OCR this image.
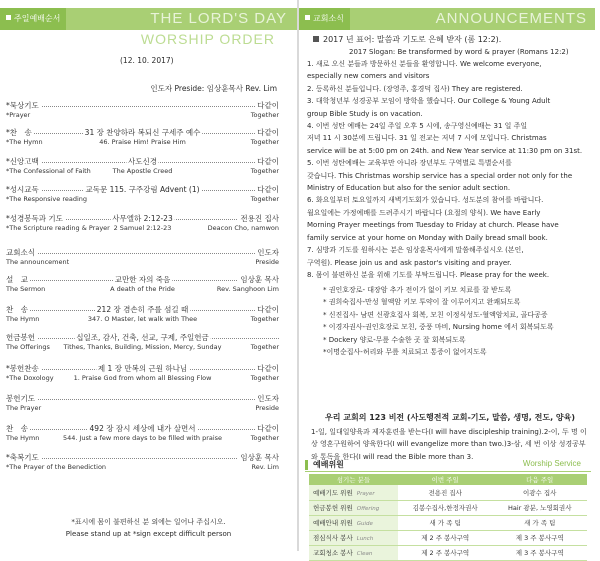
주일예배순서	THE LORD'S DAY
WORSHIP ORDER
(12. 10. 2017)
인도자 Preside: 임상훈목사 Rev. Lim
*묵상기도	다같이
*Prayer	Together
*찬　송	31 장 찬양하라 복되신 구세주 예수	다같이
*The Hymn	46. Praise Him! Praise Him	Together
*신앙고백	사도신경	다같이
*The Confessional of Faith	The Apostle Creed	Together
*성시교독	교독문 115. 구주강림 Advent (1)	다같이
*The Responsive reading	Together
*성경봉독과 기도	사무엘하 2:12-23	전용진 집사
*The Scripture reading & Prayer 2 Samuel 2:12-23	Deacon Cho, namwon
교회소식	인도자
The announcement	Preside
설　교	교만한 자의 죽음	임상훈 목사
The Sermon	A death of the Pride	Rev. Sanghoon Lim
찬　송	212 장 겸손히 주를 섬길 때	다같이
The Hymn	347. O Master, let walk with Thee	Together
헌금봉헌	십일조, 감사, 건축, 선교, 구제, 주일헌금
The Offerings Tithes, Thanks, Building, Mission, Mercy, Sunday	Together
*봉헌찬송	제 1 장 만복의 근원 하나님	다같이
*The Doxology	1. Praise God from whom all Blessing Flow	Together
봉헌기도	인도자
The Prayer	Preside
찬　송	492 장 잠시 세상에 내가 살면서	다같이
The Hymn	544. Just a few more days to be filled with praise	Together
*축복기도	임상훈 목사
*The Prayer of the Benediction	Rev. Lim
*표시에 몸이 불편하신 분 외에는 일어나 주십시오.
Please stand up at *sign except difficult person
교회소식	ANNOUNCEMENTS
2017 년 표어: 말씀과 기도로 은혜 받자 (롬 12:2).
2017 Slogan: Be transformed by word & prayer (Romans 12:2)
1. 새로 오신 분들과 방문하신 분들을 환영합니다. We welcome everyone,
especially new comers and visitors
2. 등록하신 분들입니다. (장영주, 홍경덕 집사) They are registered.
3. 대학청년부 성경공부 모임이 방학을 했습니다. Our College & Young Adult
group Bible Study is on vacation.
4. 이번 성탄 예배는 24일 주일 오후 5 시에, 송구영신예배는 31 일 주일
저녁 11 시 30분에 드립니다. 31 일 전교는 저녁 7 시에 모입니다. Christmas
service will be at 5:00 pm on 24th. and New Year service at 11:30 pm on 31st.
5. 이번 성탄예배는 교육부만 아니라 장년부도 구역별로 특별순서를
갖습니다. This Christmas worship service has a special order not only for the
Ministry of Education but also for the senior adult section.
6. 화요일부터 토요일까지 새벽기도회가 있습니다. 성도분의 참여를 바랍니다.
월요일에는 가정예배를 드려주시기 바랍니다 (요절의 양식). We have Early
Morning Prayer meetings from Tuesday to Friday at church. Please have
family service at your home on Monday with Daily bread small book.
7. 심방과 기도를 원하시는 분은 임상훈목사에게 말씀해주십시오 (본인,
구역원). Please join us and ask pastor's visiting and prayer.
8. 몸이 불편하신 분을 위해 기도를 부탁드립니다. Please pray for the week.
* 권인호장로- 대장암 추가 전이가 없이 키모 치료를 잘 받도록
* 권희숙집사-만성 혈액암 키모 투약이 잘 이루어지고 완쾌되도록
* 신진집사- 남편 신광호집사 회복, 모친 이정식성도-혈액암치료, 골다공증
* 이경자권사-권인호장로 모친, 중풍 마비, Nursing home 에서 회복되도록
* Dockery 양로-무릎 수술한 곳 잘 회복되도록
*이명순집사-허리와 무릎 치료되고 통증이 없어지도록
우리 교회의 123 비전 (사도행전적 교회-기도, 말씀, 생명, 전도, 양육)
1-일, 일대일양육과 제자훈련을 받는다(I will have discipleship training).2-이, 두 명 이상 영혼구원하여 양육한다(I will evangelize more than two.)3-삼, 세 번 이상 성경공부와 통독을 한다(I will read the Bible more than 3.
예배위원	Worship Service
섬기는 분들	이번 주일	다음 주일
예배기도 위원 Prayer	전용진 집사	이광수 집사
헌금봉헌 위원 Offering	김봉수집사,한정자권사	Hair 광분, 노영회권사
예배안내 위원 Guide	새 가 족 팀	새 가 족 팀
점심식사 봉사 Lunch	제 2 주 봉사구역	제 3 주 봉사구역
교회청소 봉사 Clean	제 2 주 봉사구역	제 3 주 봉사구역
